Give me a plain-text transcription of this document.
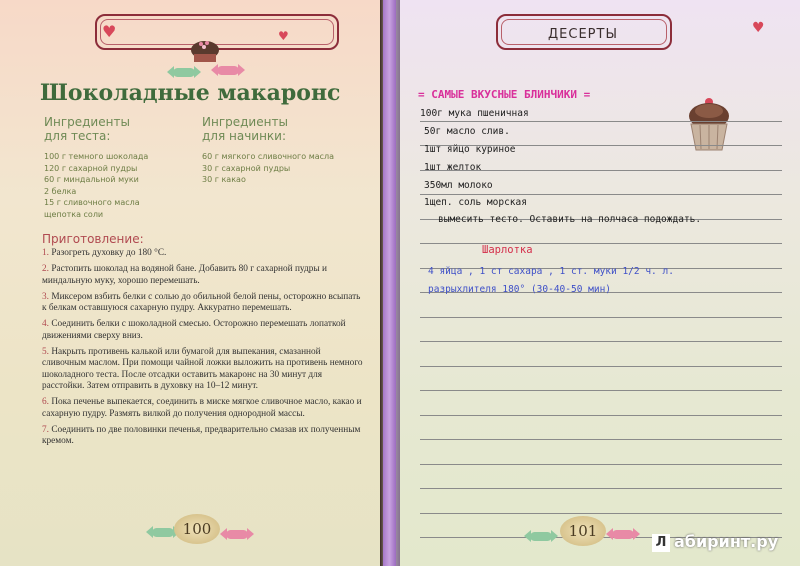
♥	♥
Шоколадные макаронс
Ингредиенты
для теста:
100 г темного шоколада
120 г сахарной пудры
60 г миндальной муки
2 белка
15 г сливочного масла
щепотка соли
Ингредиенты
для начинки:
60 г мягкого сливочного масла
30 г сахарной пудры
30 г какао
Приготовление:

1. Разогреть духовку до 180 °С.

2. Растопить шоколад на водяной бане. Добавить 80 г сахарной пудры и миндальную муку, хорошо перемешать.

3. Миксером взбить белки с солью до обильной белой пены, осторожно всыпать к белкам оставшуюся сахарную пудру. Аккуратно перемешать.

4. Соединить белки с шоколадной смесью. Осторожно перемешать лопаткой движениями сверху вниз.

5. Накрыть противень калькой или бумагой для выпекания, смазанной сливочным маслом. При помощи чайной ложки выложить на противень немного шоколадного теста. После отсадки оставить макаронс на 30 минут для расстойки. Затем отправить в духовку на 10–12 минут.

6. Пока печенье выпекается, соединить в миске мягкое сливочное масло, какао и сахарную пудру. Размять вилкой до получения однородной массы.

7. Соединить по две половинки печенья, предварительно смазав их полученным кремом.

100
ДЕСЕРТЫ	♥
= САМЫЕ ВКУСНЫЕ БЛИНЧИКИ =
100г мука пшеничная
50г масло слив.
1шт яйцо куриное
1шт желток
350мл молоко
1щеп. соль морская
вымесить тесто. Оставить на полчаса подождать.
Шарлотка
4 яйца , 1 ст сахара , 1 ст. муки 1/2 ч. л.
разрыхлителя 180° (30-40-50 мин)
101
Л абиринт.ру
